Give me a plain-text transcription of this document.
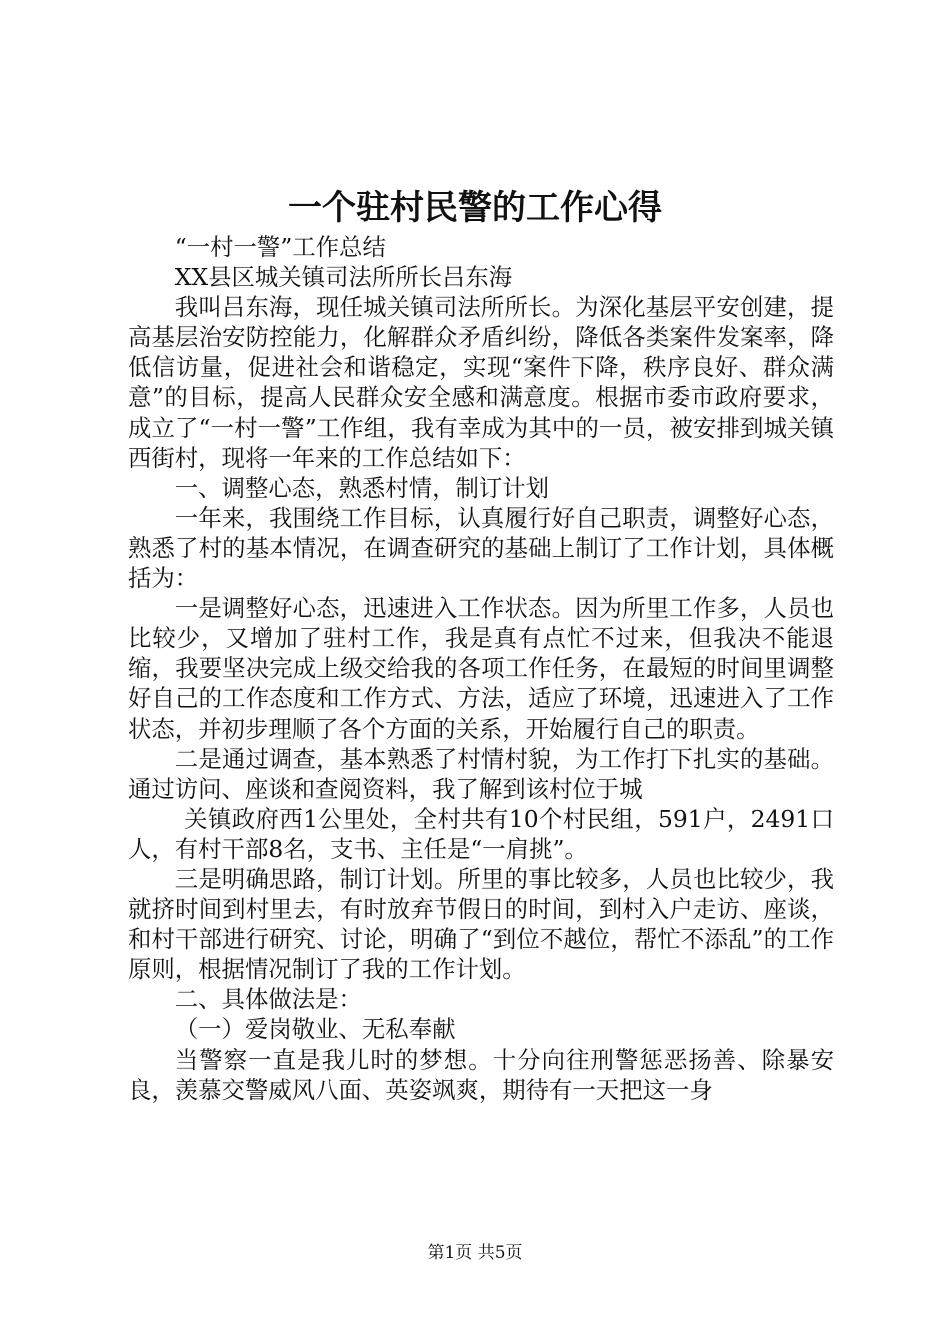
一个驻村民警的工作心得

“一村一警”工作总结

XX县区城关镇司法所所长吕东海

我叫吕东海，现任城关镇司法所所长。为深化基层平安创建，提高基层治安防控能力，化解群众矛盾纠纷，降低各类案件发案率，降低信访量，促进社会和谐稳定，实现“案件下降，秩序良好、群众满意”的目标，提高人民群众安全感和满意度。根据市委市政府要求，成立了“一村一警”工作组，我有幸成为其中的一员，被安排到城关镇西街村，现将一年来的工作总结如下：

一、调整心态，熟悉村情，制订计划

一年来，我围绕工作目标，认真履行好自己职责，调整好心态，熟悉了村的基本情况，在调查研究的基础上制订了工作计划，具体概括为：

一是调整好心态，迅速进入工作状态。因为所里工作多，人员也比较少，又增加了驻村工作，我是真有点忙不过来，但我决不能退缩，我要坚决完成上级交给我的各项工作任务，在最短的时间里调整好自己的工作态度和工作方式、方法，适应了环境，迅速进入了工作状态，并初步理顺了各个方面的关系，开始履行自己的职责。

二是通过调查，基本熟悉了村情村貌，为工作打下扎实的基础。通过访问、座谈和查阅资料，我了解到该村位于城

关镇政府西1公里处，全村共有10个村民组，591户，2491口人，有村干部8名，支书、主任是“一肩挑”。

三是明确思路，制订计划。所里的事比较多，人员也比较少，我就挤时间到村里去，有时放弃节假日的时间，到村入户走访、座谈，和村干部进行研究、讨论，明确了“到位不越位，帮忙不添乱”的工作原则，根据情况制订了我的工作计划。

二、具体做法是：

（一）爱岗敬业、无私奉献

当警察一直是我儿时的梦想。十分向往刑警惩恶扬善、除暴安良，羡慕交警威风八面、英姿飒爽，期待有一天把这一身

第1页 共5页
